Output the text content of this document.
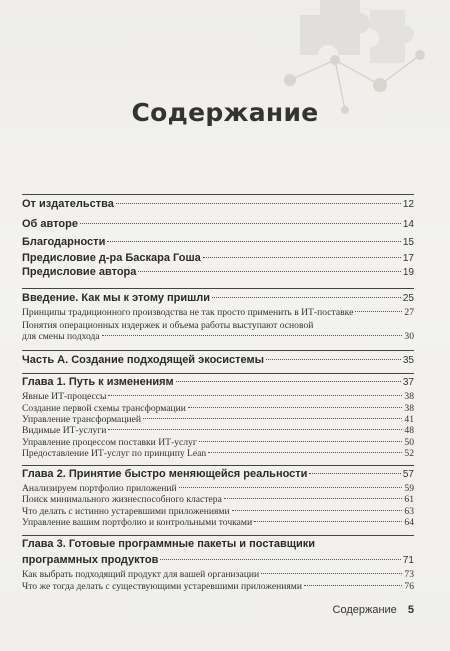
Содержание
От издательства	12
Об авторе	14
Благодарности	15
Предисловие д-ра Баскара Гоша	17
Предисловие автора	19
Введение. Как мы к этому пришли	25
Принципы традиционного производства не так просто применить в ИТ-поставке	27
Понятия операционных издержек и объема работы выступают основой
для смены подхода	30
Часть А. Создание подходящей экосистемы	35
Глава 1. Путь к изменениям	37
Явные ИТ-процессы	38
Создание первой схемы трансформации	38
Управление трансформацией	41
Видимые ИТ-услуги	48
Управление процессом поставки ИТ-услуг	50
Предоставление ИТ-услуг по принципу Lean	52
Глава 2. Принятие быстро меняющейся реальности	57
Анализируем портфолио приложений	59
Поиск минимального жизнеспособного кластера	61
Что делать с истинно устаревшими приложениями	63
Управление вашим портфолио и контрольными точками	64
Глава 3. Готовые программные пакеты и поставщики
программных продуктов	71
Как выбрать подходящий продукт для вашей организации	73
Что же тогда делать с существующими устаревшими приложениями	76
Содержание 5
